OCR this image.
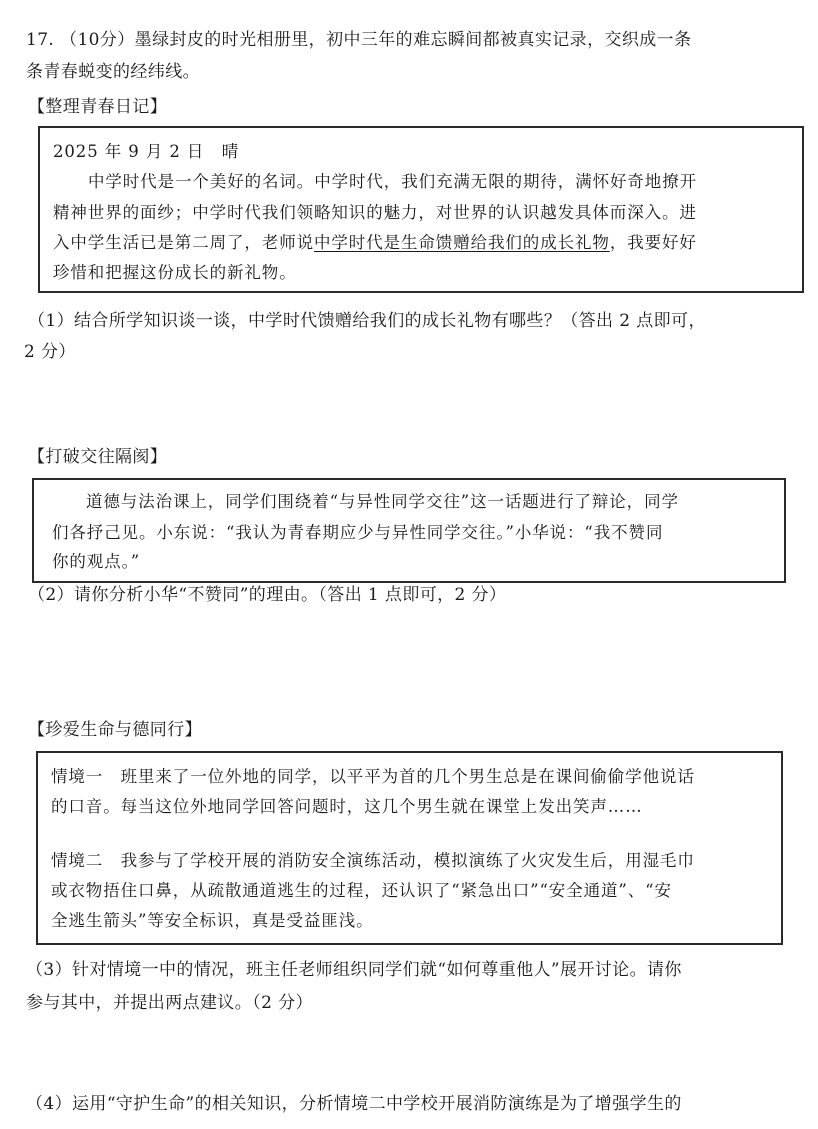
17. （10分）墨绿封皮的时光相册里，初中三年的难忘瞬间都被真实记录，交织成一条
条青春蜕变的经纬线。
【整理青春日记】
2025 年 9 月 2 日　晴
中学时代是一个美好的名词。中学时代，我们充满无限的期待，满怀好奇地撩开
精神世界的面纱；中学时代我们领略知识的魅力，对世界的认识越发具体而深入。进
入中学生活已是第二周了，老师说中学时代是生命馈赠给我们的成长礼物，我要好好
珍惜和把握这份成长的新礼物。
（1）结合所学知识谈一谈，中学时代馈赠给我们的成长礼物有哪些？（答出 2 点即可，
2 分）
【打破交往隔阂】
道德与法治课上，同学们围绕着“与异性同学交往”这一话题进行了辩论，同学
们各抒己见。小东说：“我认为青春期应少与异性同学交往。”小华说：“我不赞同
你的观点。”
（2）请你分析小华“不赞同”的理由。（答出 1 点即可，2 分）
【珍爱生命与德同行】
情境一　班里来了一位外地的同学，以平平为首的几个男生总是在课间偷偷学他说话
的口音。每当这位外地同学回答问题时，这几个男生就在课堂上发出笑声……
情境二　我参与了学校开展的消防安全演练活动，模拟演练了火灾发生后，用湿毛巾
或衣物捂住口鼻，从疏散通道逃生的过程，还认识了“紧急出口”“安全通道”、“安
全逃生箭头”等安全标识，真是受益匪浅。
（3）针对情境一中的情况，班主任老师组织同学们就“如何尊重他人”展开讨论。请你
参与其中，并提出两点建议。（2 分）
（4）运用“守护生命”的相关知识，分析情境二中学校开展消防演练是为了增强学生的
